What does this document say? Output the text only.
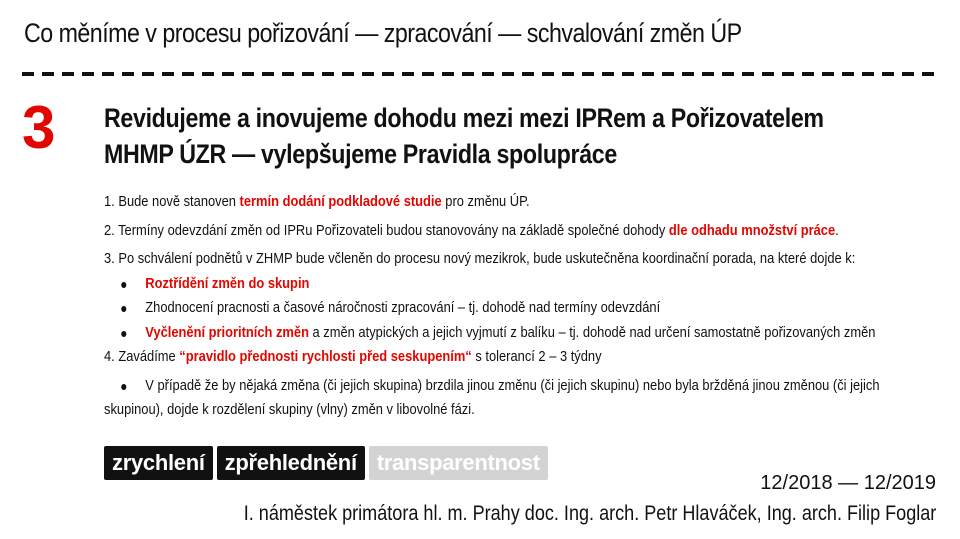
Co měníme v procesu pořizování — zpracování — schvalování změn ÚP
3 Revidujeme a inovujeme dohodu mezi mezi IPRem a Pořizovatelem
MHMP ÚZR — vylepšujeme Pravidla spolupráce

1. Bude nově stanoven termín dodání podkladové studie pro změnu ÚP.

2. Termíny odevzdání změn od IPRu Pořizovateli budou stanovovány na základě společné dohody dle odhadu množství práce.

3. Po schválení podnětů v ZHMP bude včleněn do procesu nový mezikrok, bude uskutečněna koordinační porada, na které dojde k:

Roztřídění změn do skupin
Zhodnocení pracnosti a časové náročnosti zpracování – tj. dohodě nad termíny odevzdání
Vyčlenění prioritních změn a změn atypických a jejich vyjmutí z balíku – tj. dohodě nad určení samostatně pořizovaných změn

4. Zavádíme “pravidlo přednosti rychlosti před seskupením“ s tolerancí 2 – 3 týdny

V případě že by nějaká změna (či jejich skupina) brzdila jinou změnu (či jejich skupinu) nebo byla bržděná jinou změnou (či jejich

skupinou), dojde k rozdělení skupiny (vlny) změn v libovolné fázi.

zrychlení zpřehlednění transparentnost
12/2018 — 12/2019
I. náměstek primátora hl. m. Prahy doc. Ing. arch. Petr Hlaváček, Ing. arch. Filip Foglar
